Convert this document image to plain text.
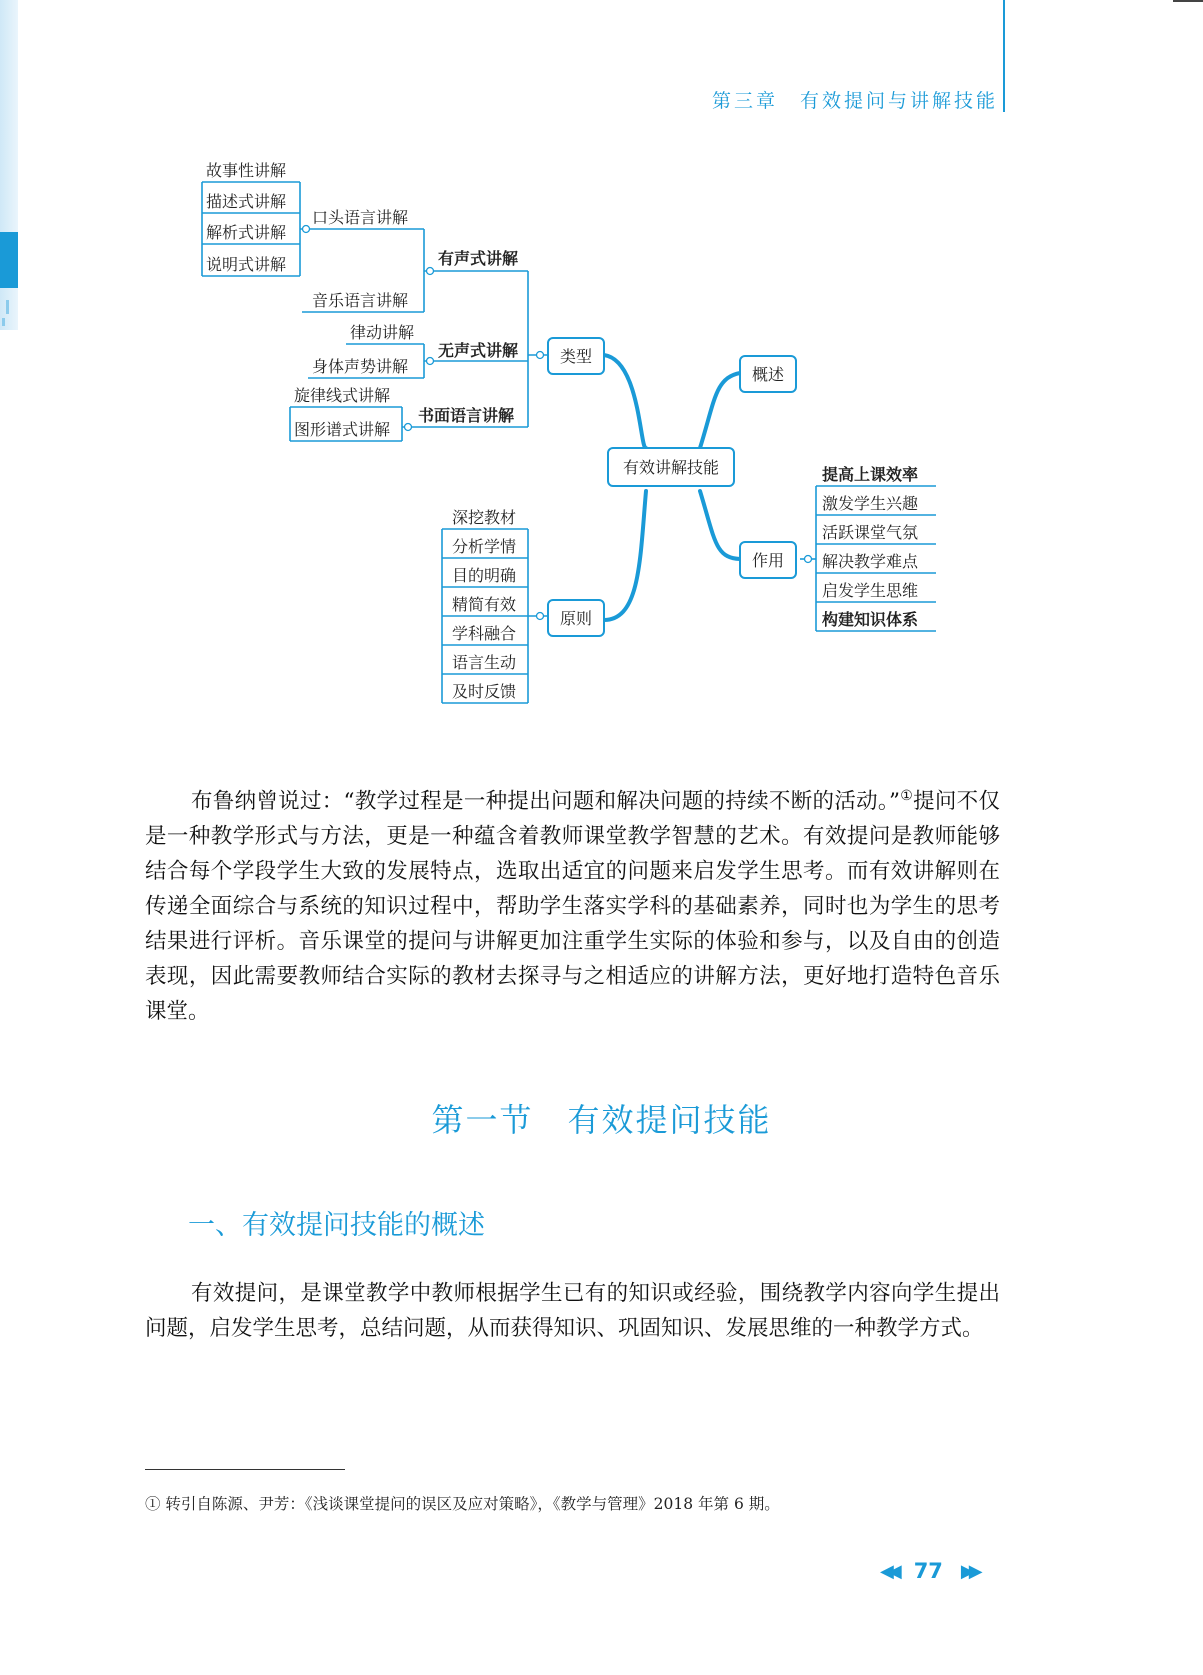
第三章　有效提问与讲解技能
有效讲解技能
类型
原则
概述
作用
有声式讲解
无声式讲解
书面语言讲解
口头语言讲解
音乐语言讲解
故事性讲解
描述式讲解
解析式讲解
说明式讲解
律动讲解
身体声势讲解
旋律线式讲解
图形谱式讲解
深挖教材
分析学情
目的明确
精简有效
学科融合
语言生动
及时反馈
提高上课效率
激发学生兴趣
活跃课堂气氛
解决教学难点
启发学生思维
构建知识体系
布鲁纳曾说过：“教学过程是一种提出问题和解决问题的持续不断的活动。”①提问不仅是一种教学形式与方法，更是一种蕴含着教师课堂教学智慧的艺术。有效提问是教师能够结合每个学段学生大致的发展特点，选取出适宜的问题来启发学生思考。而有效讲解则在传递全面综合与系统的知识过程中，帮助学生落实学科的基础素养，同时也为学生的思考结果进行评析。音乐课堂的提问与讲解更加注重学生实际的体验和参与，以及自由的创造表现，因此需要教师结合实际的教材去探寻与之相适应的讲解方法，更好地打造特色音乐课堂。
第一节　有效提问技能
一、有效提问技能的概述
有效提问，是课堂教学中教师根据学生已有的知识或经验，围绕教学内容向学生提出问题，启发学生思考，总结问题，从而获得知识、巩固知识、发展思维的一种教学方式。
① 转引自陈源、尹芳：《浅谈课堂提问的误区及应对策略》，《教学与管理》2018 年第 6 期。
◀◀ 77	▶▶
